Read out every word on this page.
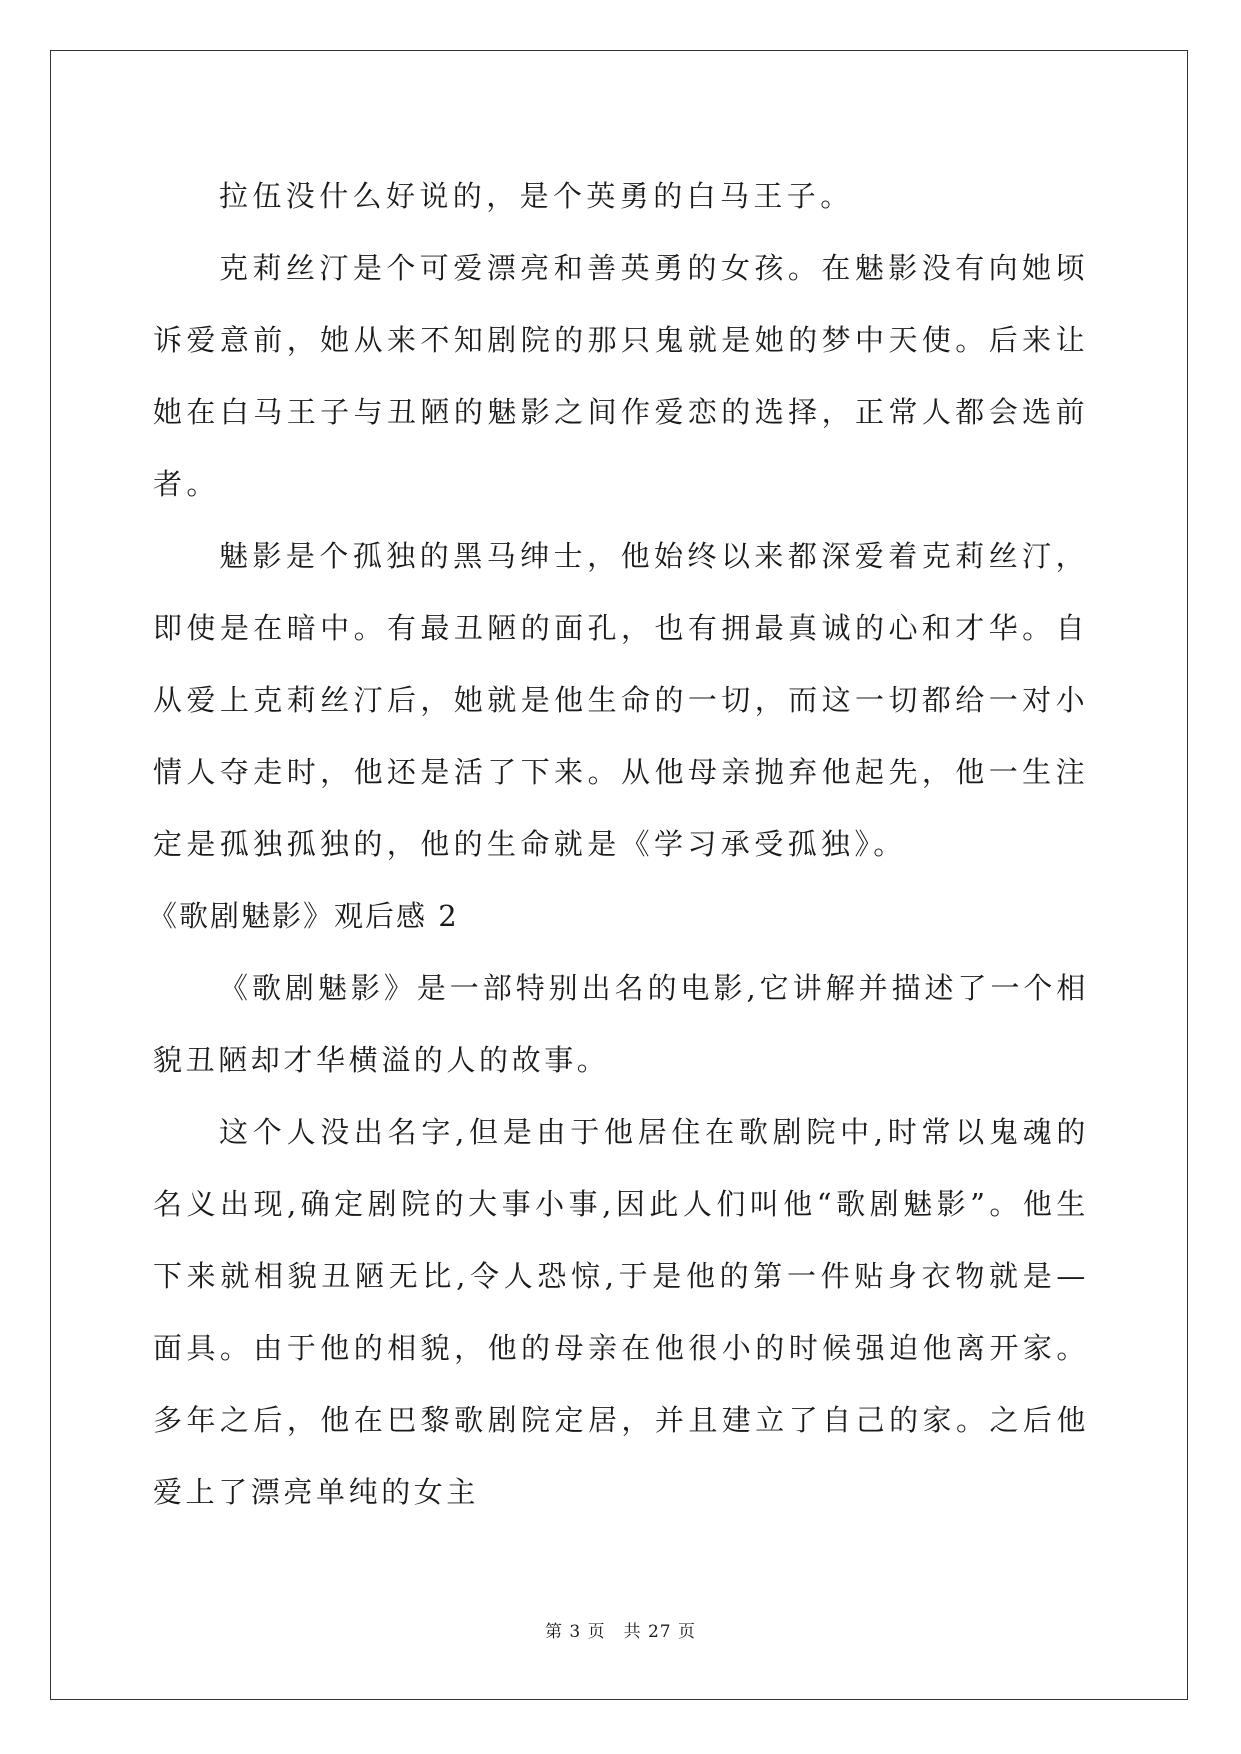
拉伍没什么好说的，是个英勇的白马王子。

克莉丝汀是个可爱漂亮和善英勇的女孩。在魅影没有向她顷诉爱意前，她从来不知剧院的那只鬼就是她的梦中天使。后来让她在白马王子与丑陋的魅影之间作爱恋的选择，正常人都会选前者。

魅影是个孤独的黑马绅士，他始终以来都深爱着克莉丝汀，即使是在暗中。有最丑陋的面孔，也有拥最真诚的心和才华。自从爱上克莉丝汀后，她就是他生命的一切，而这一切都给一对小情人夺走时，他还是活了下来。从他母亲抛弃他起先，他一生注定是孤独孤独的，他的生命就是《学习承受孤独》。

《歌剧魅影》观后感 2

《歌剧魅影》是一部特别出名的电影,它讲解并描述了一个相貌丑陋却才华横溢的人的故事。

这个人没出名字,但是由于他居住在歌剧院中,时常以鬼魂的名义出现,确定剧院的大事小事,因此人们叫他“歌剧魅影”。他生下来就相貌丑陋无比,令人恐惊,于是他的第一件贴身衣物就是—面具。由于他的相貌，他的母亲在他很小的时候强迫他离开家。多年之后，他在巴黎歌剧院定居，并且建立了自己的家。之后他爱上了漂亮单纯的女主

第 3 页　共 27 页
